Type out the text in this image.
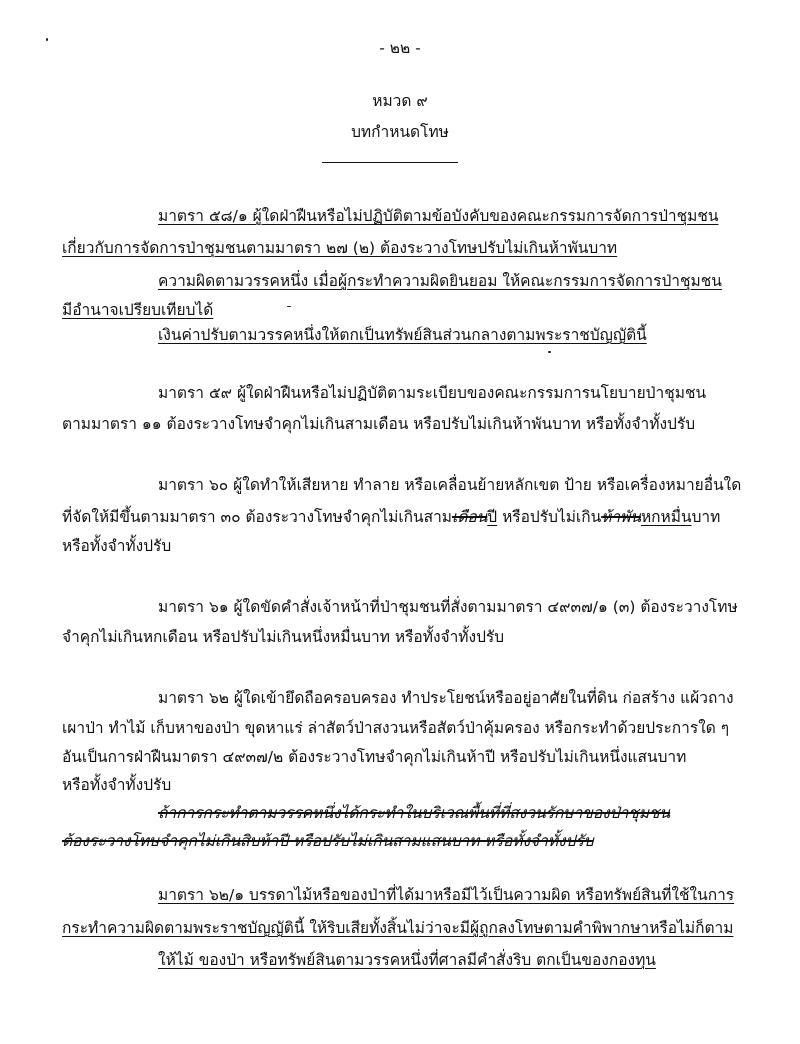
- ๒๒ -
หมวด ๙
บทกำหนดโทษ
มาตรา ๕๘/๑ ผู้ใดฝ่าฝืนหรือไม่ปฏิบัติตามข้อบังคับของคณะกรรมการจัดการป่าชุมชน
เกี่ยวกับการจัดการป่าชุมชนตามมาตรา ๒๗ (๒) ต้องระวางโทษปรับไม่เกินห้าพันบาท
ความผิดตามวรรคหนึ่ง เมื่อผู้กระทำความผิดยินยอม ให้คณะกรรมการจัดการป่าชุมชน
มีอำนาจเปรียบเทียบได้
เงินค่าปรับตามวรรคหนึ่งให้ตกเป็นทรัพย์สินส่วนกลางตามพระราชบัญญัตินี้
มาตรา ๕๙ ผู้ใดฝ่าฝืนหรือไม่ปฏิบัติตามระเบียบของคณะกรรมการนโยบายป่าชุมชน
ตามมาตรา ๑๑ ต้องระวางโทษจำคุกไม่เกินสามเดือน หรือปรับไม่เกินห้าพันบาท หรือทั้งจำทั้งปรับ
มาตรา ๖๐ ผู้ใดทำให้เสียหาย ทำลาย หรือเคลื่อนย้ายหลักเขต ป้าย หรือเครื่องหมายอื่นใด
ที่จัดให้มีขึ้นตามมาตรา ๓๐ ต้องระวางโทษจำคุกไม่เกินสามเดือนปี หรือปรับไม่เกินห้าพันหกหมื่นบาท
หรือทั้งจำทั้งปรับ
มาตรา ๖๑ ผู้ใดขัดคำสั่งเจ้าหน้าที่ป่าชุมชนที่สั่งตามมาตรา ๔๙๓๗/๑ (๓) ต้องระวางโทษ
จำคุกไม่เกินหกเดือน หรือปรับไม่เกินหนึ่งหมื่นบาท หรือทั้งจำทั้งปรับ
มาตรา ๖๒ ผู้ใดเข้ายึดถือครอบครอง ทำประโยชน์หรืออยู่อาศัยในที่ดิน ก่อสร้าง แผ้วถาง
เผาป่า ทำไม้ เก็บหาของป่า ขุดหาแร่ ล่าสัตว์ป่าสงวนหรือสัตว์ป่าคุ้มครอง หรือกระทำด้วยประการใด ๆ
อันเป็นการฝ่าฝืนมาตรา ๔๙๓๗/๒ ต้องระวางโทษจำคุกไม่เกินห้าปี หรือปรับไม่เกินหนึ่งแสนบาท
หรือทั้งจำทั้งปรับ
ถ้าการกระทำตามวรรคหนึ่งได้กระทำในบริเวณพื้นที่ที่สงวนรักษาของป่าชุมชน
ต้องระวางโทษจำคุกไม่เกินสิบห้าปี หรือปรับไม่เกินสามแสนบาท หรือทั้งจำทั้งปรับ
มาตรา ๖๒/๑ บรรดาไม้หรือของป่าที่ได้มาหรือมีไว้เป็นความผิด หรือทรัพย์สินที่ใช้ในการ
กระทำความผิดตามพระราชบัญญัตินี้ ให้ริบเสียทั้งสิ้นไม่ว่าจะมีผู้ถูกลงโทษตามคำพิพากษาหรือไม่ก็ตาม
ให้ไม้ ของป่า หรือทรัพย์สินตามวรรคหนึ่งที่ศาลมีคำสั่งริบ ตกเป็นของกองทุน
